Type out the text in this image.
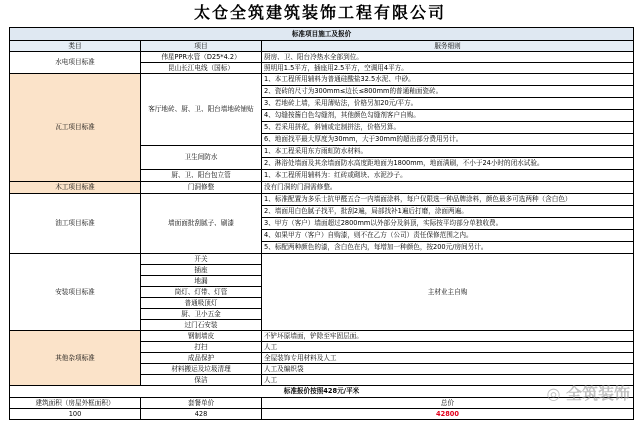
太仓全筑建筑装饰工程有限公司
标准项目施工及报价		
类目	项目	服务细则
水电项目标准	伟星PPR水管（D25*4.2）	厨房、卫、阳台冷热水全部到位。
	昆山长江电线（国标）	照明用1.5平方，插座用2.5平方，空调用4平方。
瓦工项目标准	客厅地砖、厨、卫、阳台墙地砖铺贴	1、本工程所用辅料为普通硅酸盐32.5水泥、中砂。
		2、瓷砖的尺寸为300mm≤边长≤800mm的普通釉面瓷砖。
		3、若地砖上墙，采用薄贴法，价格另加20元/平方。
		4、勾缝按酱白色勾缝剂，其他颜色勾缝剂客户自购。
		5、若采用拼花，斜铺或定制拼法，价格另算。
		6、地面找平最大厚度为30mm，大于30mm的超出部分费用另计。
	卫生间防水	1、本工程采用东方雨虹防水材料。
		2、淋浴处墙面及其余墙面防水高度距地面为1800mm，地面满刷，不小于24小时的闭水试验。
	厨、卫、阳台包立管	1、本工程所用辅料为：红砖或砌块、水泥沙子。
木工项目标准	门洞修整	没有门洞的门洞需修整。
油工项目标准	墙面面批刮腻子、刷漆	1、标准配置为多乐士抗甲醛五合一内墙面涂料，每户仅限选一种品牌涂料，颜色最多可选两种（含白色）
		2、墙面用白色腻子找平，批刮2遍，局部找补1遍后打磨，涂面两遍。
		3、甲方（客户）墙面超过2800mm以外部分及斜顶，实际按平均部分单独收费。
		4、如果甲方（客户）自购漆，则不在乙方（公司）责任保修范围之内。
		5、标配两种颜色的漆，含白色在内，每增加一种颜色，按200元/房间另计。
安装项目标准	开关	主材业主自购
	插座	
	地漏	
	筒灯、灯带、灯管	
	普通吸顶灯	
	厨、卫小五金	
	过门石安装	
其他杂项标准	钢制墙皮	不铲坏原墙面，铲除至牢固层面。
	打扫	人工
	成品保护	全屋装饰专用材料及人工
	材料搬运及垃圾清理	人工及编织袋
	保洁	人工
标准报价按照428元/平米		
建筑面积（房屋外框面积）	套餐单价	总价
100	428	42800
◎ 全筑装饰
